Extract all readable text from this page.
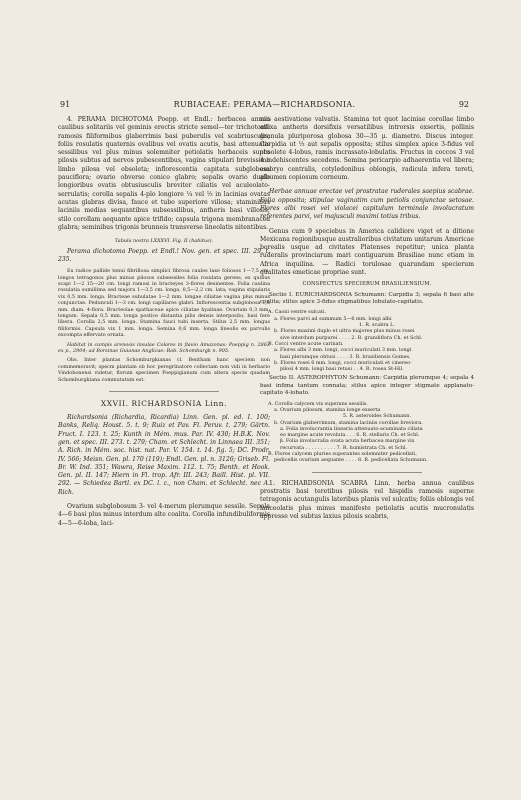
91	RUBIACEAE: PERAMA—RICHARDSONIA.	92

4. PERAMA DICHOTOMA Poepp. et Endl.: herbacea annua caulibus solitariis vel geminis erectis stricte semel—ter trichotome ramosis filiformibus glaberrimis basi puberulis vel scabriusculis; foliis rosulatis quaternis ovalibus vel ovatis acutis, basi attenuatis sessilibus vel plus minus solemniter petiolatis herbaceis supra pilosis subtus ad nervos pubescentibus, vagina stipulari brevissima limbo pilosa vel obsoleta; inflorescentia capitata subglobosa pauciflora; ovario obverse conico glabro; sepalis ovario duplo longioribus ovatis obtusiusculis breviter ciliatis vel aculeolato-serrulatis; corolla sepalis 4-plo longiore ¼ vel ⅓ in lacinias ovatas acutas glabras divisa, fauce et tubo superiore villosa; staminibus laciniis medias sequantibus subsessilibus, antheris basi villosis; stilo corollam aequante apice trifido; capsula trigona membranacea glabra; seminibus trigonis brunneis transverse lineolatis nitentibus.

Tabula nostra LXXXVI. Fig. II (habitus).

Perama dichotoma Poepp. et Endl.! Nov. gen. et spec. III. 29. t. 235.

Ex radice pallide tenui fibrillosa simplici fibrosa caules laxe foliosos 1—7,5 cm. longos tetragonos plus minus pilosos subsessiles folia rosulata gerens, ex quibus scapi 1—2 15—20 cm. longi ramosi in bracteyes 3-flores desinentes. Folia caulina rosulatia sumillima sed majora 1—3,5 cm. longa, 0,5—2,2 cm. lata; vagina stipularis vix 0,5 mm. longa. Bracteae subulatae 1—2 mm. longae ciliatae vagina plus minus conjunctae. Pedunculi 1—3 cm. longi capillares glabri. Inflorescentia subglobosa 1,5 mm. diam. 4-flora. Bracteolae spathaceae apice ciliatae hyalinae. Ovarium 0,3 mm. longum. Sepala 0,5 mm. longa postice distantia pilis densis interposito, basi fere libera. Corolla 2,5 mm. longa. Stamina fauci tubi inserta. Stilus 2,5 mm. longus filiformis. Capsula vix 1 mm. longa. Semina 0,6 mm. longa lineolis ex parvulis excompta effervato ornata.

Habitat in campis arenosis insulae Colares in flavio Amazonas: Poeppig n. 2862 ex p., 2904; ad Borsinae Guianae Anglicae: Rob. Schomburgk n. 905.

Obs. Inter plantas Schomburgkianas cl. Bentham hanc speciem non commemoravit; specm plantam ob hoc peregrinatore collectam non vidi in herbario Vindobonensi videtur, florum specimen Poeppigianum cum altera specie quadam Schomburgkiana commutatum est.

XXVII. RICHARDSONIA Linn.

Richardsonia (Richardia, Ricardia) Linn. Gen. pl. ed. I. 100; Banks, Reliq. Houst. 5. t. 9; Ruiz et Pav. Fl. Peruv. t. 279; Gärtn. Fruct. I. 123. t. 25; Kunth in Mém. mus. Par. IV. 430; H.B.K. Nov. gen. et spec. III. 273. t. 279; Cham. et Schlecht. in Linnaea III. 351; A. Rich. in Mém. soc. hist. nat. Par. V. 154. t. 14. fig. 5; DC. Prodr. IV. 566; Meisn. Gen. pl. 170 (119); Endl. Gen. pl. n. 3126; Griseb. Fl. Br. W. Ind. 351; Wawra, Reise Maxim. 112. t. 75; Benth. et Hook. Gen. pl. II. 147; Hiern in Fl. trop. Afr. III. 243; Baill. Hist. pl. VII. 292. — Schiedea Bartl. ex DC. l. c., non Cham. et Schlecht. nec A. Rich.

Ovarium subglobosum 3- vel 4-merum plerumque sessile. Sepala 4—6 basi plus minus interdum alte coalita. Corolla infundibuliformis 4—5—6-loba, laci-

niis aestivatione valvatis. Stamina tot quot laciniae corollae limbo affixa antheris dorsifixis versatilibus introrsis exsertis, pollinis granula pluriporosa globosa 30—35 μ. diametro. Discus integer. Carpidia ut ⅓ aut sepalis opposita; stilus simplex apice 3-fidus vel obsolete 4-lobus, ramis incrassato-lobulatis. Fructus in coccos 3 vel 4 indehiscentes secedens. Semina pericarpio adhaerentia vel libera; embryo centralis, cotyledonibus oblongis, radicula infera tereti, albumen copiosum corneum.

Herbae annuae erectae vel prostratae ruderales saepius scabrae. Folia opposita; stipulae vaginatim cum petiolis conjunctae setosae. Flores albi rosei vel violacei capitulum terminale involucratum referentes parvi, vel majusculi maximi totius tribus.

Genus cum 9 speciebus in America calidiore viget et a ditione Mexicana regionibusque australioribus civitatum unitarum Americae borealis usque ad civitates Platenses repetitur; unica planta ruderalis provinciarum mari contiguarum Brasiliae nunc etiam in Africa inquilina. — Radici torulosae quarundam specierum qualitates emeticae propriae sunt.

CONSPECTUS SPECIERUM BRASILIENSIUM.

Sectio I. EURICHARDSONIA Schumann: Carpidia 3; sepala 6 basi alte coalita; stilus apice 3-fidus stigmatibus lobulato-capitatis.

A. Caoni ventre sulcati.
a. Flores parvi ad summum 5—6 mm. longi albi
1. R. scabra L.
b. Flores maximi duplo et ultra majores plus minus rosei
sive interdum purpurei . . . . 2. R. grandiflora Ch. et Schl.
B. Cocci ventre acute carinati.
a. Flores albi 3 mm. longi, cocci muriculati 3 mm. longi
basi plerumque obtusi . . . . 3. R. brasiliensis Gomes.
b. Flores rosei 6 mm. longi, cocci muriculati et cinereo-
pilosi 4 mm. longi basi retusi . . 4. R. rosea St-Hil.

Sectio II. ASTEROPHYTON Schumann: Carpidia plerumque 4; sepala 4 basi infima tantum connata; stilus apice integer stigmate applanato-capitato 4-lobato.

A. Corolla calycem vix superans sessilis.
a. Ovarium pilosum, stamina longe exserta
5. R. asteroides Schumann.
b. Ovarium glaberrimum, stamina laciniis corollae breviora.
a. Folia involucrantia linearia attenuato-acuminata ciliata
eo margine acute revoluta . . . 6. R. stellaris Ch. et Schl.
β. Folia involucralia ovata acuta herbacea margine vix
recurvata . . . . . . . . . . 7. R. humistrata Ch. et Schl.
B. Flores calycem pluries superantes solemniter pedicellati,
pedicellis ovarium aequante . . . . 8. R. pedicellata Schumann.

1. RICHARDSONIA SCABRA Linn. herba annua caulibus prostratis basi teretibus pilosis vel hispidis ramosis superne tetragonis acutangulis lateribus planis vel sulcatis; foliis oblongis vel lanceolatis plus minus manifeste petiolatis acutis mucronulatis appresse vel subtus laxius pilosis scabris,
